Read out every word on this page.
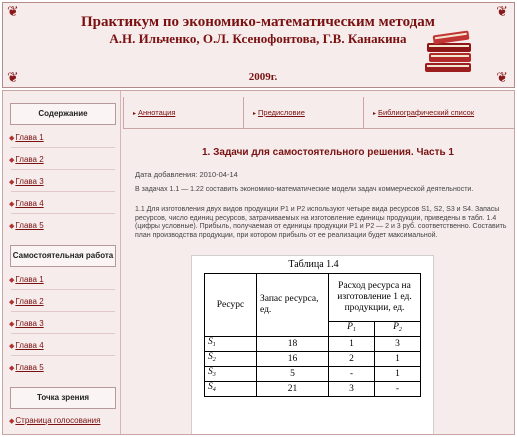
❦	❦
❦	❦
Практикум по экономико-математическим методам
А.Н. Ильченко, О.Л. Ксенофонтова, Г.В. Канакина
2009г.
Содержание
◆Глава 1
◆Глава 2
◆Глава 3
◆Глава 4
◆Глава 5
Самостоятельная работа
◆Глава 1
◆Глава 2
◆Глава 3
◆Глава 4
◆Глава 5
Точка зрения
◆Страница голосования
▸ Аннотация	▸ Предисловие	▸ Библиографический список
1. Задачи для самостоятельного решения. Часть 1
Дата добавления: 2010-04-14
В задачах 1.1 — 1.22 составить экономико-математические модели задач коммерческой деятельности.
1.1 Для изготовления двух видов продукции Р1 и Р2 используют четыре вида ресурсов S1, S2, S3 и S4. Запасы ресурсов, число единиц ресурсов, затрачиваемых на изготовление единицы продукции, приведены в табл. 1.4 (цифры условные). Прибыль, получаемая от единицы продукции Р1 и Р2 — 2 и 3 руб. соответственно. Составить план производства продукции, при котором прибыль от ее реализации будет максимальной.
Таблица 1.4
Ресурс	Запас ресурса, ед.	Расход ресурса на изготовление 1 ед. продукции, ед.	
		$P_1$	$P_2$
$S_1$	18	1	3
$S_2$	16	2	1
$S_3$	5	-	1
$S_4$	21	3	-
